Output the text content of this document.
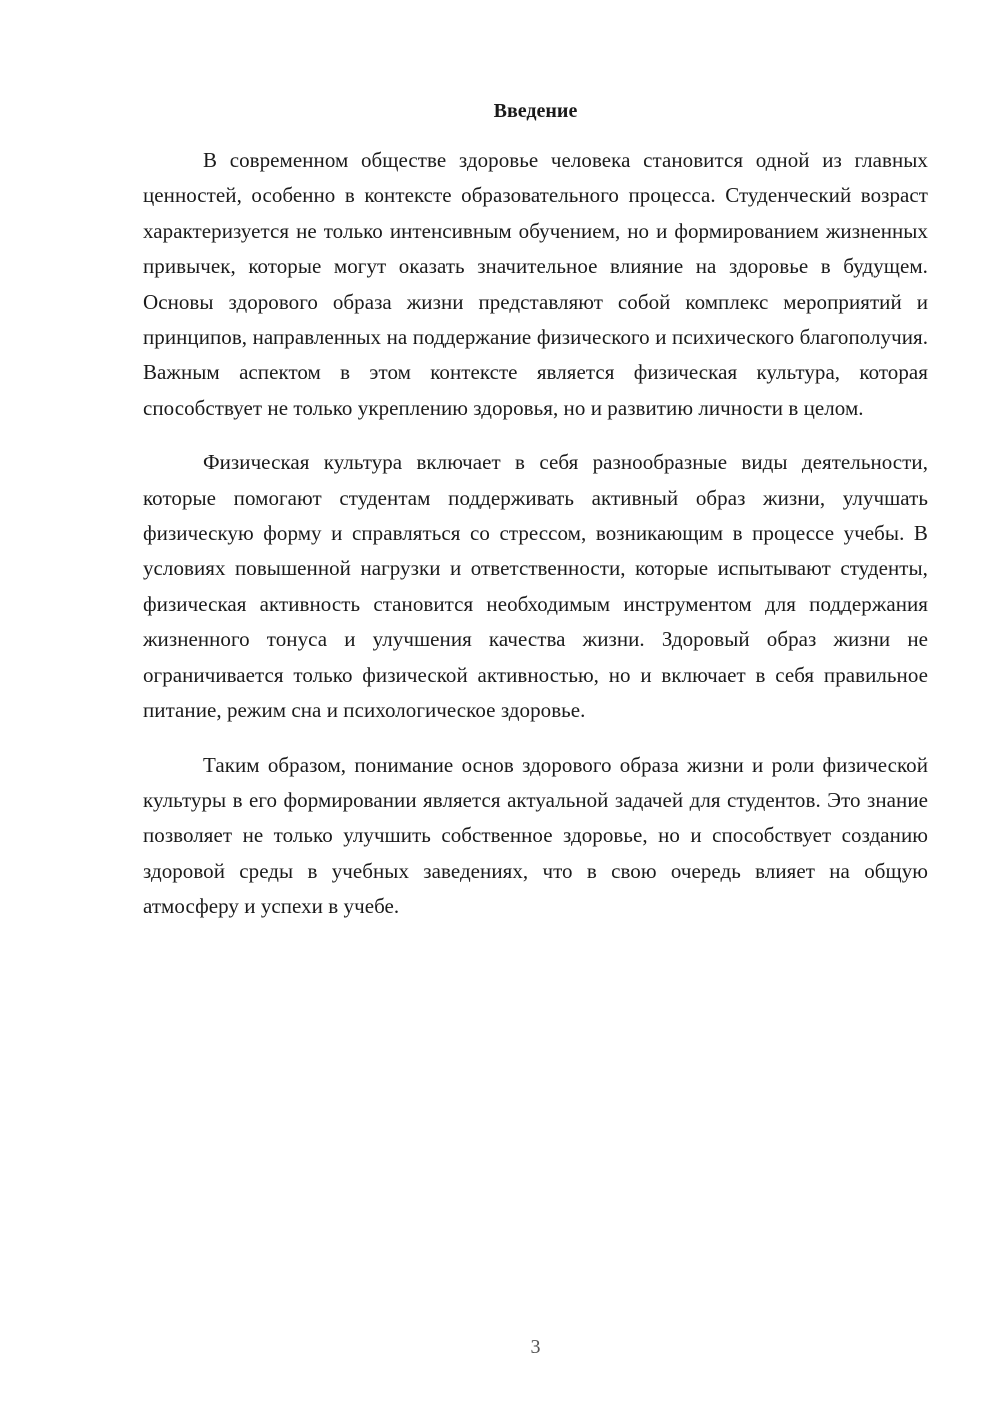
Введение

В современном обществе здоровье человека становится одной из главных ценностей, особенно в контексте образовательного процесса. Студенческий возраст характеризуется не только интенсивным обучением, но и формированием жизненных привычек, которые могут оказать значительное влияние на здоровье в будущем. Основы здорового образа жизни представляют собой комплекс мероприятий и принципов, направленных на поддержание физического и психического благополучия. Важным аспектом в этом контексте является физическая культура, которая способствует не только укреплению здоровья, но и развитию личности в целом.

Физическая культура включает в себя разнообразные виды деятельности, которые помогают студентам поддерживать активный образ жизни, улучшать физическую форму и справляться со стрессом, возникающим в процессе учебы. В условиях повышенной нагрузки и ответственности, которые испытывают студенты, физическая активность становится необходимым инструментом для поддержания жизненного тонуса и улучшения качества жизни. Здоровый образ жизни не ограничивается только физической активностью, но и включает в себя правильное питание, режим сна и психологическое здоровье.

Таким образом, понимание основ здорового образа жизни и роли физической культуры в его формировании является актуальной задачей для студентов. Это знание позволяет не только улучшить собственное здоровье, но и способствует созданию здоровой среды в учебных заведениях, что в свою очередь влияет на общую атмосферу и успехи в учебе.

3
